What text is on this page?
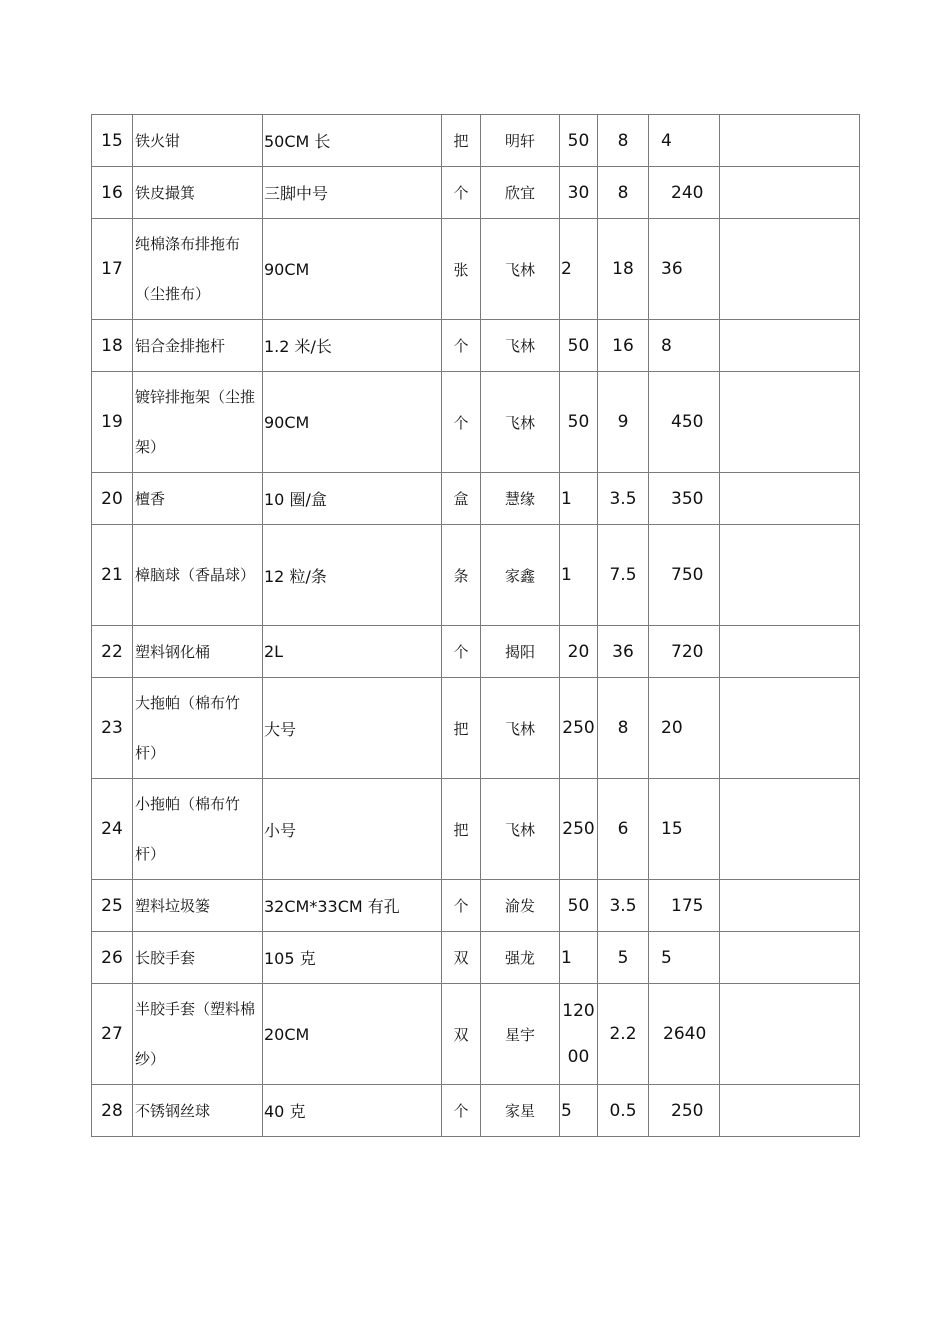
15	铁火钳	50CM 长	把	明轩	50	8	4	
16	铁皮撮箕	三脚中号	个	欣宜	30	8	240	
17	纯棉涤布排拖布（尘推布）	90CM	张	飞林	2	18	36	
18	铝合金排拖杆	1.2 米/长	个	飞林	50	16	8	
19	镀锌排拖架（尘推架）	90CM	个	飞林	50	9	450	
20	檀香	10 圈/盒	盒	慧缘	1	3.5	350	
21	樟脑球（香晶球）	12 粒/条	条	家鑫	1	7.5	750	
22	塑料钢化桶	2L	个	揭阳	20	36	720	
23	大拖帕（棉布竹杆）	大号	把	飞林	250	8	20	
24	小拖帕（棉布竹杆）	小号	把	飞林	250	6	15	
25	塑料垃圾篓	32CM*33CM 有孔	个	渝发	50	3.5	175	
26	长胶手套	105 克	双	强龙	1	5	5	
27	半胶手套（塑料棉纱）	20CM	双	星宇	12000	2.2	2640	
28	不锈钢丝球	40 克	个	家星	5	0.5	250	
